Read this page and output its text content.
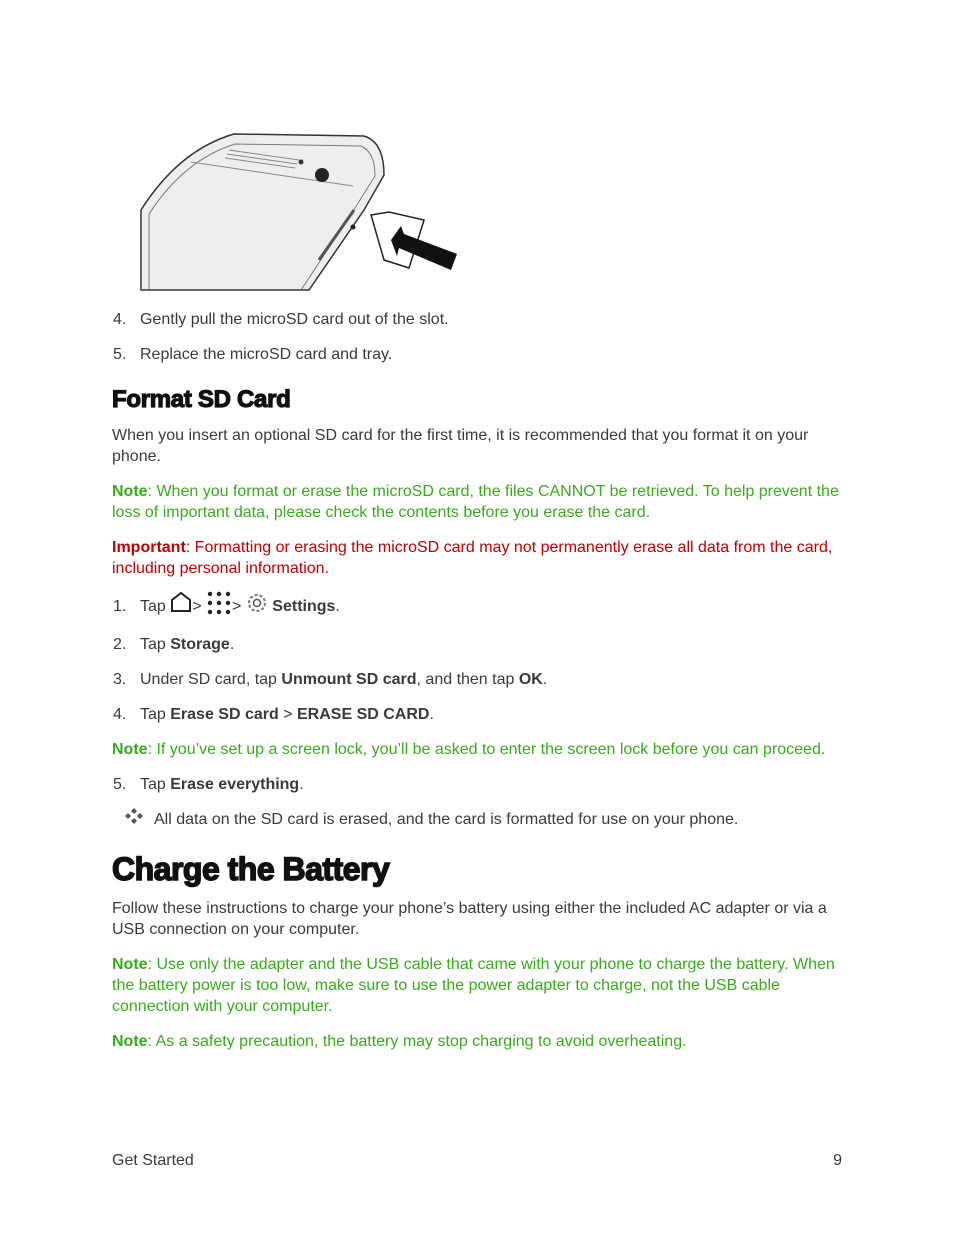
4. Gently pull the microSD card out of the slot.
5. Replace the microSD card and tray.
Format SD Card
When you insert an optional SD card for the first time, it is recommended that you format it on your phone.
Note: When you format or erase the microSD card, the files CANNOT be retrieved. To help prevent the loss of important data, please check the contents before you erase the card.
Important: Formatting or erasing the microSD card may not permanently erase all data from the card, including personal information.
1. Tap > > Settings.
2. Tap Storage.
3. Under SD card, tap Unmount SD card, and then tap OK.
4. Tap Erase SD card > ERASE SD CARD.
Note: If you’ve set up a screen lock, you’ll be asked to enter the screen lock before you can proceed.
5. Tap Erase everything.
All data on the SD card is erased, and the card is formatted for use on your phone.
Charge the Battery
Follow these instructions to charge your phone’s battery using either the included AC adapter or via a USB connection on your computer.
Note: Use only the adapter and the USB cable that came with your phone to charge the battery. When the battery power is too low, make sure to use the power adapter to charge, not the USB cable connection with your computer.
Note: As a safety precaution, the battery may stop charging to avoid overheating.
Get Started	9
